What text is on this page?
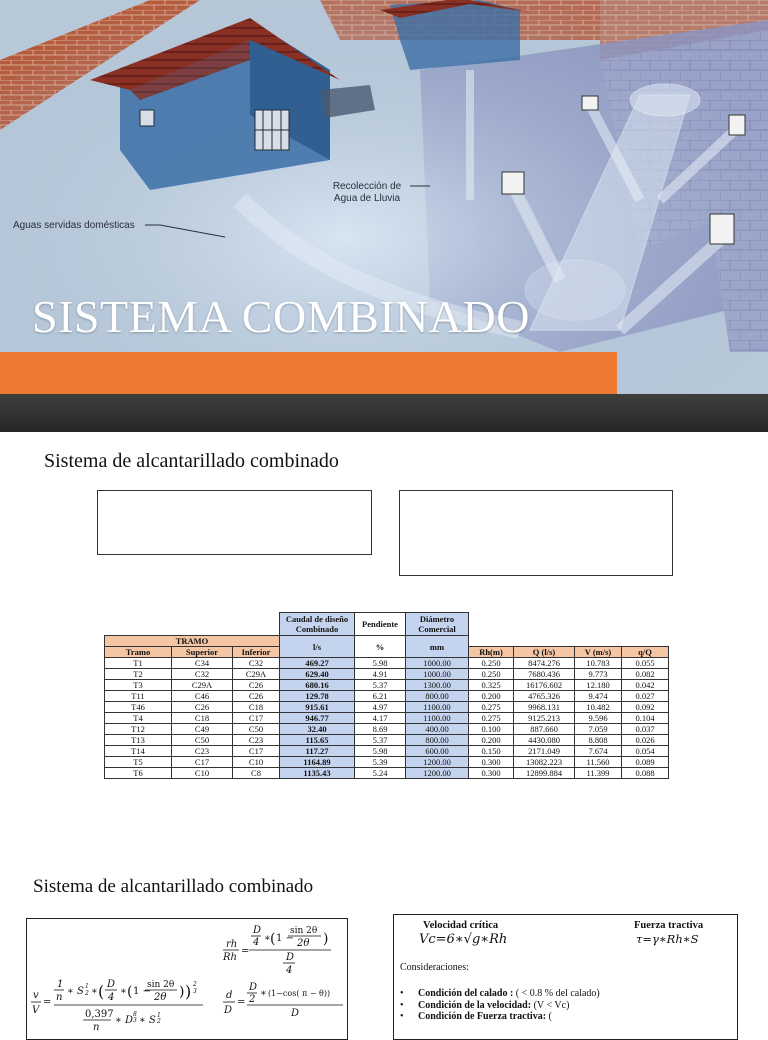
Recolección de
Agua de Lluvia
Aguas servidas domésticas
SISTEMA COMBINADO
Sistema de alcantarillado combinado
			Caudal de diseño Combinado	Pendiente	Diámetro Comercial				
TRAMO			l/s	%	mm				
Tramo	Superior	Inferior				Rh(m)	Q (l/s)	V (m/s)	q/Q
T1	C34	C32	469.27	5.98	1000.00	0.250	8474.276	10.783	0.055
T2	C32	C29A	629.40	4.91	1000.00	0.250	7680.436	9.773	0.082
T3	C29A	C26	680.16	5.37	1300.00	0.325	16176.602	12.180	0.042
T11	C46	C26	129.78	6.21	800.00	0.200	4765.326	9.474	0.027
T46	C26	C18	915.61	4.97	1100.00	0.275	9968.131	10.482	0.092
T4	C18	C17	946.77	4.17	1100.00	0.275	9125.213	9.596	0.104
T12	C49	C50	32.40	8.69	400.00	0.100	887.660	7.059	0.037
T13	C50	C23	115.65	5.37	800.00	0.200	4430.080	8.808	0.026
T14	C23	C17	117.27	5.98	600.00	0.150	2171.049	7.674	0.054
T5	C17	C10	1164.89	5.39	1200.00	0.300	13082.223	11.560	0.089
T6	C10	C8	1135.43	5.24	1200.00	0.300	12899.884	11.399	0.088
Sistema de alcantarillado combinado
v
V
=
1
n
∗ S 1
2 ∗ ( D
4
∗ ( 1 −
sin 2θ
2θ ) ) 2
3
0,397
n
∗ D
8
3 ∗ S 1
2
rh
Rh
=
D
4 ∗ ( 1 −
sin 2θ
2θ )
D
4
d
D
=
D
2
∗ (1−cos( π − θ))
D
Velocidad crítica
Vc=6∗√g∗Rh
Fuerza tractiva
τ=γ∗Rh∗S
Consideraciones:
• Condición del calado : ( < 0.8 % del calado)
• Condición de la velocidad: (V < Vc)
• Condición de Fuerza tractiva: (
